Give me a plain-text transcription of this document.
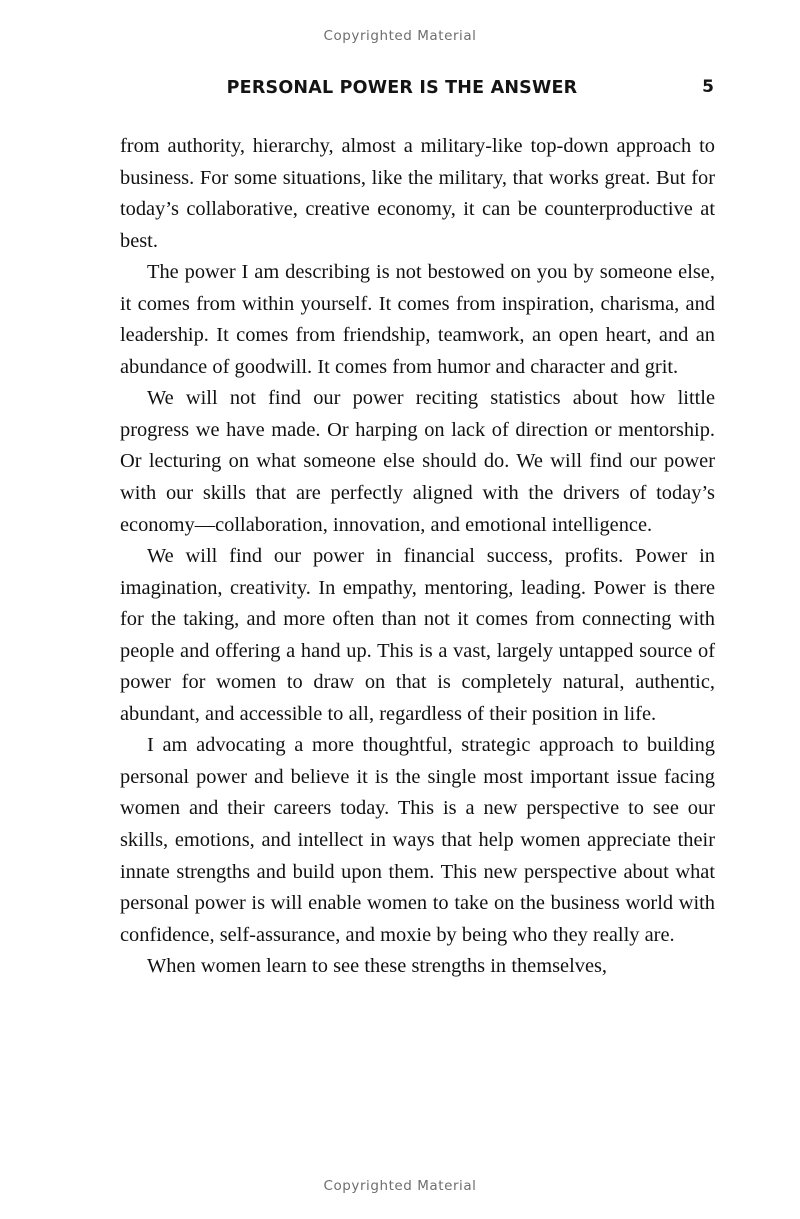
Copyrighted Material
PERSONAL POWER IS THE ANSWER	5

from authority, hierarchy, almost a military-like top-down approach to business. For some situations, like the military, that works great. But for today’s collaborative, creative economy, it can be counterproductive at best.

The power I am describing is not bestowed on you by someone else, it comes from within yourself. It comes from inspiration, charisma, and leadership. It comes from friendship, teamwork, an open heart, and an abundance of goodwill. It comes from humor and character and grit.

We will not find our power reciting statistics about how little progress we have made. Or harping on lack of direction or mentorship. Or lecturing on what someone else should do. We will find our power with our skills that are perfectly aligned with the drivers of today’s economy—collaboration, innovation, and emotional intelligence.

We will find our power in financial success, profits. Power in imagination, creativity. In empathy, mentoring, leading. Power is there for the taking, and more often than not it comes from connecting with people and offering a hand up. This is a vast, largely untapped source of power for women to draw on that is completely natural, authentic, abundant, and accessible to all, regardless of their position in life.

I am advocating a more thoughtful, strategic approach to building personal power and believe it is the single most important issue facing women and their careers today. This is a new perspective to see our skills, emotions, and intellect in ways that help women appreciate their innate strengths and build upon them. This new perspective about what personal power is will enable women to take on the business world with confidence, self-assurance, and moxie by being who they really are.

When women learn to see these strengths in themselves,

Copyrighted Material
